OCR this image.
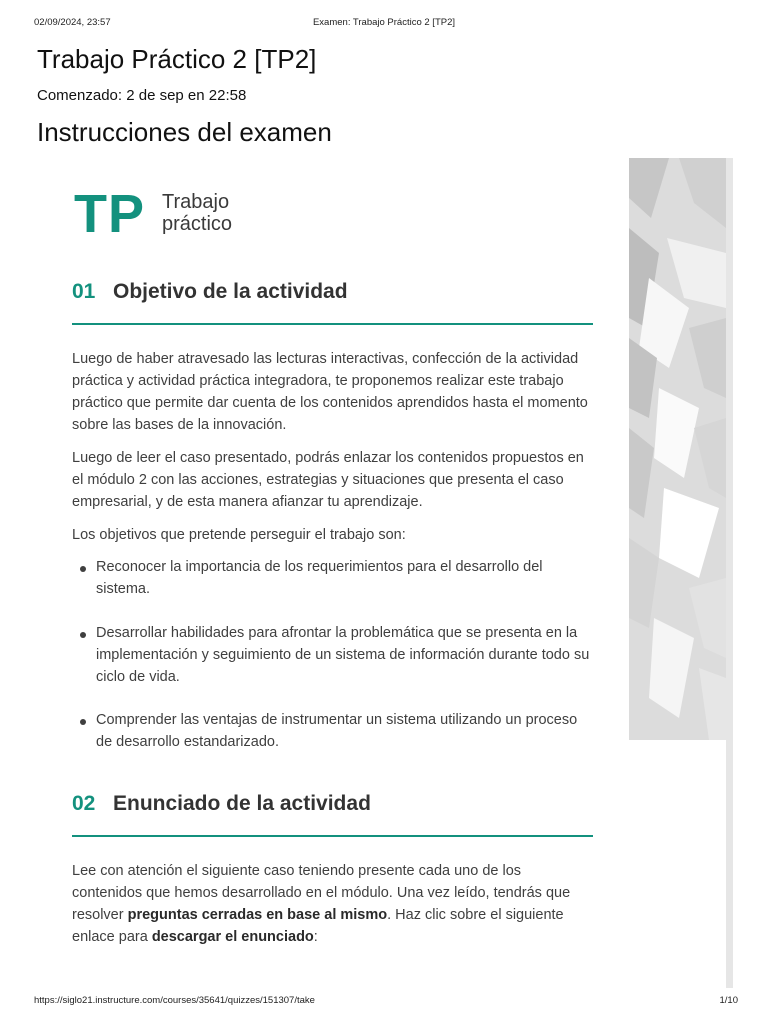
02/09/2024, 23:57	Examen: Trabajo Práctico 2 [TP2]
Trabajo Práctico 2 [TP2]
Comenzado: 2 de sep en 22:58
Instrucciones del examen
TP Trabajo
práctico
01 Objetivo de la actividad

Luego de haber atravesado las lecturas interactivas, confección de la actividad práctica y actividad práctica integradora, te proponemos realizar este trabajo práctico que permite dar cuenta de los contenidos aprendidos hasta el momento sobre las bases de la innovación.

Luego de leer el caso presentado, podrás enlazar los contenidos propuestos en el módulo 2 con las acciones, estrategias y situaciones que presenta el caso empresarial, y de esta manera afianzar tu aprendizaje.

Los objetivos que pretende perseguir el trabajo son:

Reconocer la importancia de los requerimientos para el desarrollo del sistema.

Desarrollar habilidades para afrontar la problemática que se presenta en la implementación y seguimiento de un sistema de información durante todo su ciclo de vida.

Comprender las ventajas de instrumentar un sistema utilizando un proceso de desarrollo estandarizado.

02 Enunciado de la actividad

Lee con atención el siguiente caso teniendo presente cada uno de los contenidos que hemos desarrollado en el módulo. Una vez leído, tendrás que resolver preguntas cerradas en base al mismo. Haz clic sobre el siguiente enlace para descargar el enunciado:

https://siglo21.instructure.com/courses/35641/quizzes/151307/take	1/10
